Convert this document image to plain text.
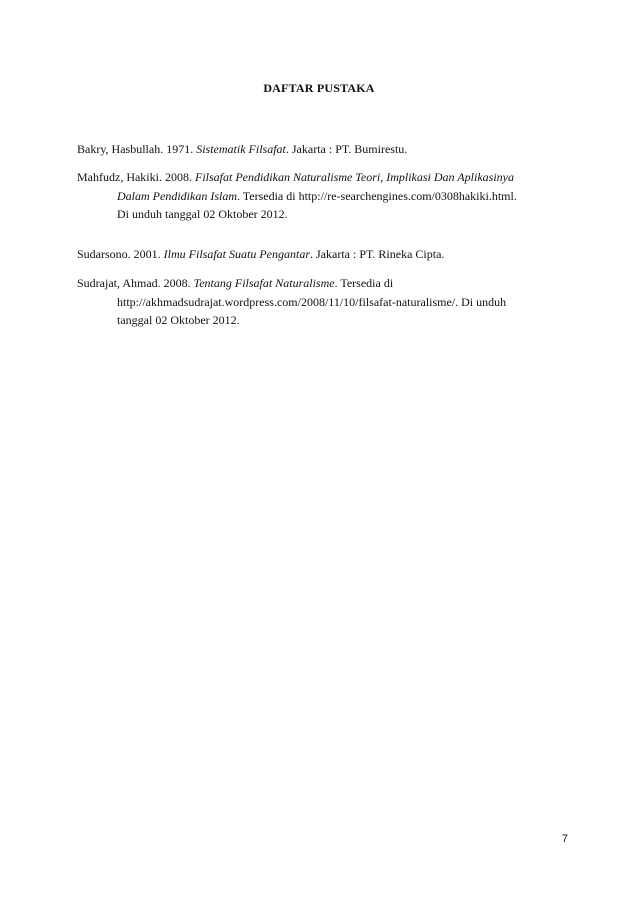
DAFTAR PUSTAKA
Bakry, Hasbullah. 1971. Sistematik Filsafat. Jakarta : PT. Bumirestu.
Mahfudz, Hakiki. 2008. Filsafat Pendidikan Naturalisme Teori, Implikasi Dan Aplikasinya
Dalam Pendidikan Islam. Tersedia di http://re-searchengines.com/0308hakiki.html.
Di unduh tanggal 02 Oktober 2012.
Sudarsono. 2001. Ilmu Filsafat Suatu Pengantar. Jakarta : PT. Rineka Cipta.
Sudrajat, Ahmad. 2008. Tentang Filsafat Naturalisme. Tersedia di
http://akhmadsudrajat.wordpress.com/2008/11/10/filsafat-naturalisme/. Di unduh
tanggal 02 Oktober 2012.
7
